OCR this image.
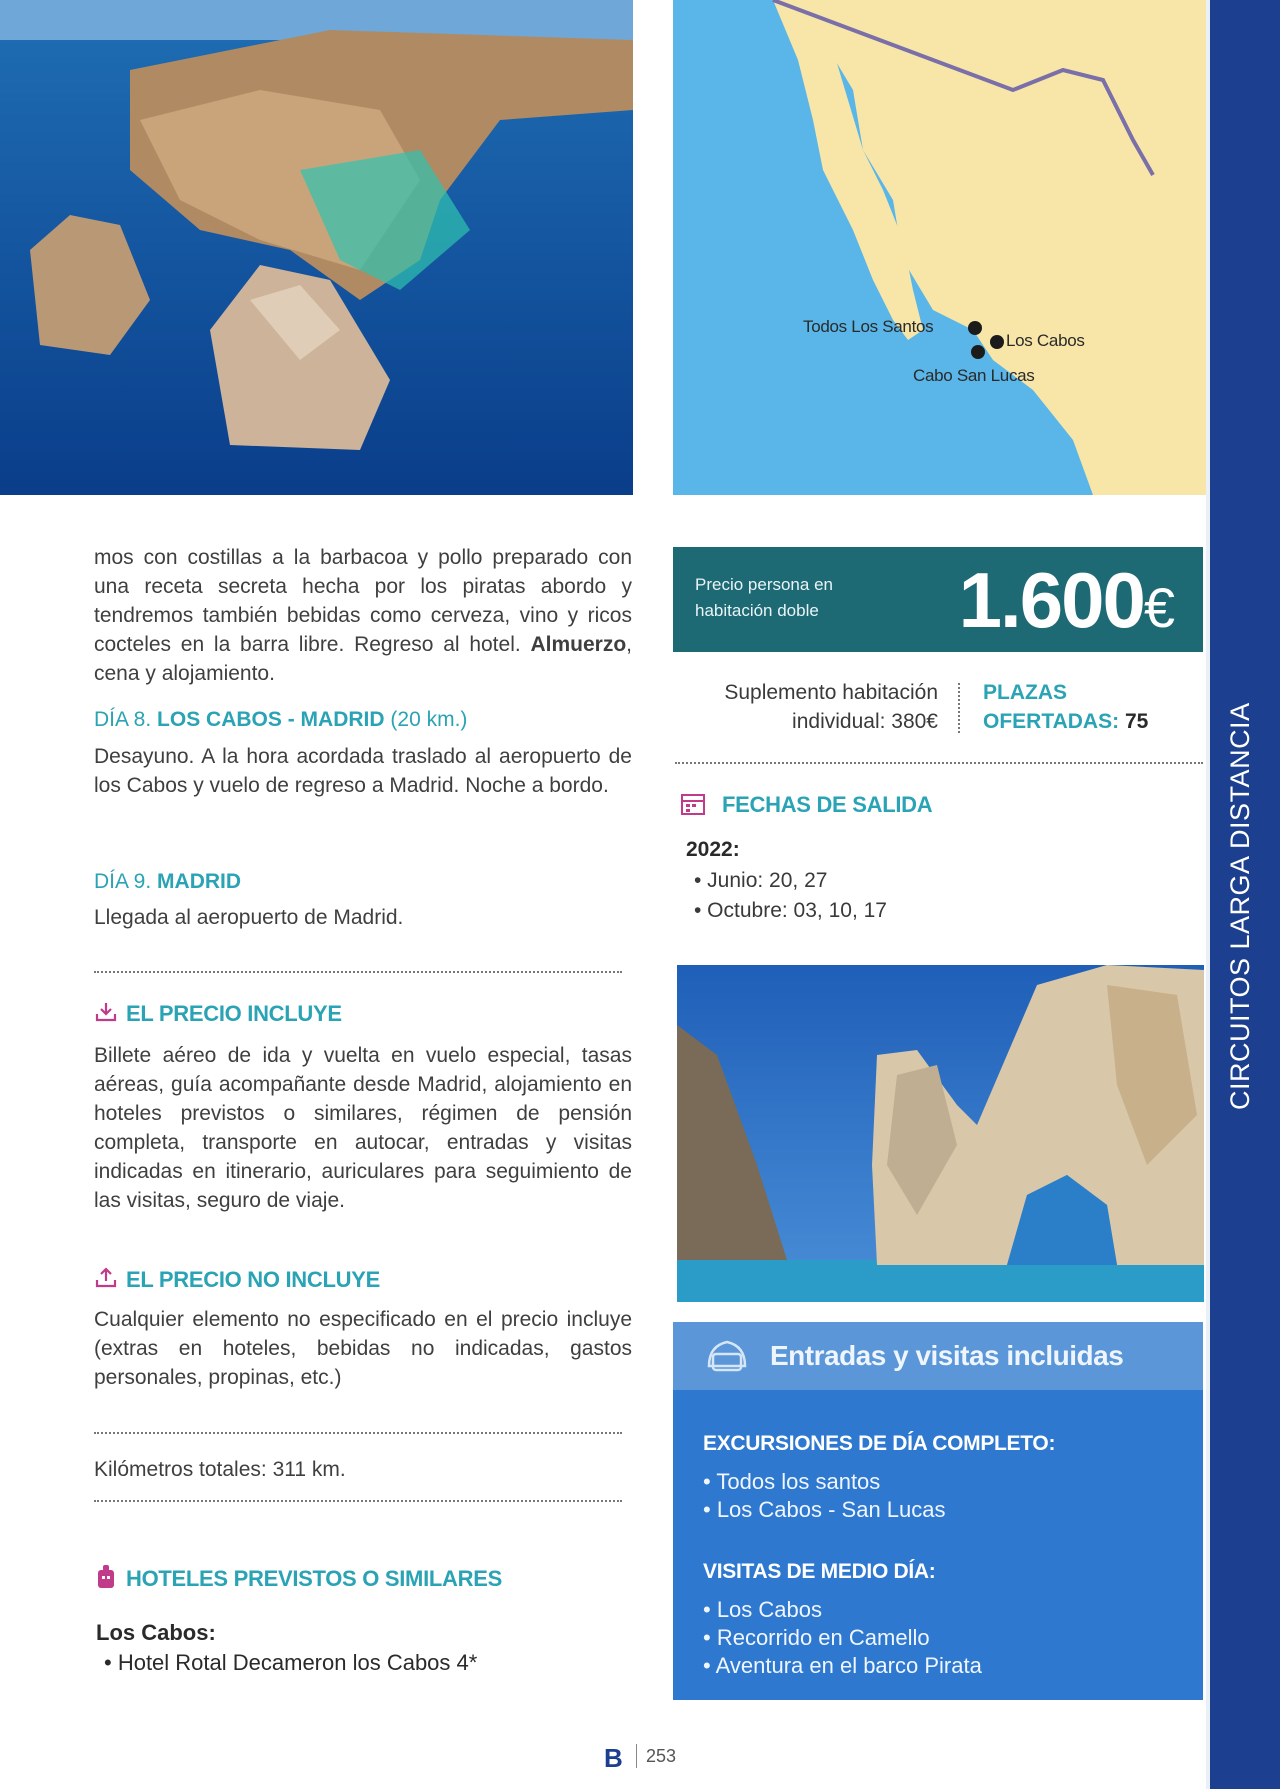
Todos Los Santos
Los Cabos
Cabo San Lucas
CIRCUITOS LARGA DISTANCIA
mos con costillas a la barbacoa y pollo preparado con una receta secreta hecha por los piratas abordo y tendremos también bebidas como cerveza, vino y ricos cocteles en la barra libre. Regreso al hotel. Almuerzo, cena y alojamiento.
DÍA 8. LOS CABOS - MADRID (20 km.)
Desayuno. A la hora acordada traslado al aeropuerto de los Cabos y vuelo de regreso a Madrid. Noche a bordo.
DÍA 9. MADRID
Llegada al aeropuerto de Madrid.
EL PRECIO INCLUYE
Billete aéreo de ida y vuelta en vuelo especial, tasas aéreas, guía acompañante desde Madrid, alojamiento en hoteles previstos o similares, régimen de pensión completa, transporte en autocar, entradas y visitas indicadas en itinerario, auriculares para seguimiento de las visitas, seguro de viaje.
EL PRECIO NO INCLUYE
Cualquier elemento no especificado en el precio incluye (extras en hoteles, bebidas no indicadas, gastos personales, propinas, etc.)
Kilómetros totales: 311 km.
HOTELES PREVISTOS O SIMILARES
Los Cabos:
• Hotel Rotal Decameron los Cabos 4*
Precio persona en habitación doble	1.600€
Suplemento habitación
individual: 380€
PLAZAS
OFERTADAS: 75
FECHAS DE SALIDA
2022:
• Junio: 20, 27
• Octubre: 03, 10, 17
Entradas y visitas incluidas
EXCURSIONES DE DÍA COMPLETO:
• Todos los santos
• Los Cabos - San Lucas
VISITAS DE MEDIO DÍA:
• Los Cabos
• Recorrido en Camello
• Aventura en el barco Pirata
B 253
